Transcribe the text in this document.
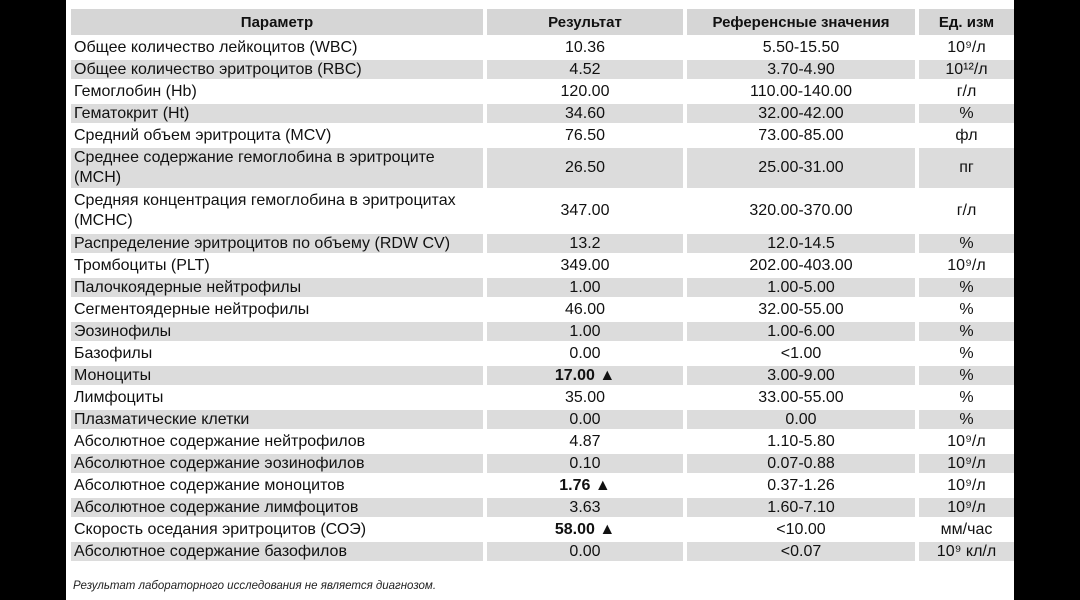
Параметр	Результат	Референсные значения	Ед. изм
Общее количество лейкоцитов (WBC)	10.36	5.50-15.50	10⁹/л
Общее количество эритроцитов (RBC)	4.52	3.70-4.90	10¹²/л
Гемоглобин (Hb)	120.00	110.00-140.00	г/л
Гематокрит (Ht)	34.60	32.00-42.00	%
Средний объем эритроцита (MCV)	76.50	73.00-85.00	фл
Среднее содержание гемоглобина в эритроците (MCH)	26.50	25.00-31.00	пг
Средняя концентрация гемоглобина в эритроцитах (MCHC)	347.00	320.00-370.00	г/л
Распределение эритроцитов по объему (RDW CV)	13.2	12.0-14.5	%
Тромбоциты (PLT)	349.00	202.00-403.00	10⁹/л
Палочкоядерные нейтрофилы	1.00	1.00-5.00	%
Сегментоядерные нейтрофилы	46.00	32.00-55.00	%
Эозинофилы	1.00	1.00-6.00	%
Базофилы	0.00	<1.00	%
Моноциты	17.00 ▲	3.00-9.00	%
Лимфоциты	35.00	33.00-55.00	%
Плазматические клетки	0.00	0.00	%
Абсолютное содержание нейтрофилов	4.87	1.10-5.80	10⁹/л
Абсолютное содержание эозинофилов	0.10	0.07-0.88	10⁹/л
Абсолютное содержание моноцитов	1.76 ▲	0.37-1.26	10⁹/л
Абсолютное содержание лимфоцитов	3.63	1.60-7.10	10⁹/л
Скорость оседания эритроцитов (СОЭ)	58.00 ▲	<10.00	мм/час
Абсолютное содержание базофилов	0.00	<0.07	10⁹ кл/л
Результат лабораторного исследования не является диагнозом.
